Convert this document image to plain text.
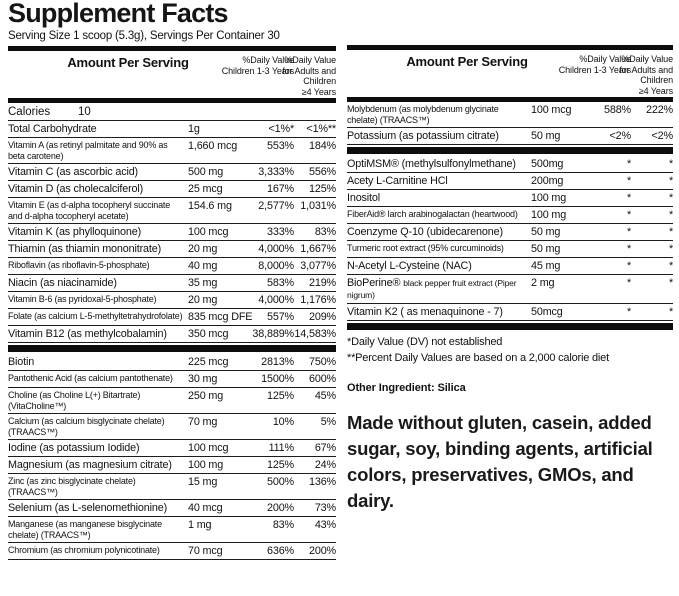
Supplement Facts
Serving Size 1 scoop (5.3g), Servings Per Container 30
Amount Per Serving	%Daily Value
Children 1-3 Years
%Daily Value
for Adults and
Children
≥4 Years
Calories	10
Total Carbohydrate	1g	<1%*	<1%**
Vitamin A (as retinyl palmitate and 90% as beta carotene)
1,660 mcg	553%	184%
Vitamin C (as ascorbic acid)	500 mg	3,333%	556%
Vitamin D (as cholecalciferol)	25 mcg	167%	125%
Vitamin E (as d-alpha tocopheryl succinate and d-alpha tocopheryl acetate)
154.6 mg	2,577% 1,031%
Vitamin K (as phylloquinone)	100 mcg	333%	83%
Thiamin (as thiamin mononitrate)	20 mg	4,000% 1,667%
Riboflavin (as riboflavin-5-phosphate)	40 mg	8,000% 3,077%
Niacin (as niacinamide)	35 mg	583%	219%
Vitamin B-6 (as pyridoxal-5-phosphate)	20 mg	4,000% 1,176%
Folate (as calcium L-5-methyltetrahydrofolate) 835 mcg DFE	557%	209%
Vitamin B12 (as methylcobalamin)	350 mcg	38,889% 14,583%
Biotin	225 mcg	2813%	750%
Pantothenic Acid (as calcium pantothenate)	30 mg	1500%	600%
Choline (as Choline L(+) Bitartrate) (VitaCholine™)
250 mg	125%	45%
Calcium (as calcium bisglycinate chelate) (TRAACS™)
70 mg	10%	5%
Iodine (as potassium Iodide)	100 mcg	111%	67%
Magnesium (as magnesium citrate)	100 mg	125%	24%
Zinc (as zinc bisglycinate chelate) (TRAACS™)
15 mg	500%	136%
Selenium (as L-selenomethionine)	40 mcg	200%	73%
Manganese (as manganese bisglycinate chelate) (TRAACS™)
1 mg	83%	43%
Chromium (as chromium polynicotinate)	70 mcg	636%	200%
Amount Per Serving	%Daily Value
Children 1-3 Years
%Daily Value
for Adults and
Children
≥4 Years
Molybdenum (as molybdenum glycinate chelate) (TRAACS™)
100 mcg	588%	222%
Potassium (as potassium citrate)	50 mg	<2%	<2%
OptiMSM® (methylsulfonylmethane)	500mg	*	*
Acety L-Carnitine HCl	200mg	*	*
Inositol	100 mg	*	*
FiberAid® larch arabinogalactan (heartwood)	100 mg	*	*
Coenzyme Q-10 (ubidecarenone)	50 mg	*	*
Turmeric root extract (95% curcuminoids)	50 mg	*	*
N-Acetyl L-Cysteine (NAC)	45 mg	*	*
BioPerine® black pepper fruit extract (Piper nigrum)
2 mg	*	*
Vitamin K2 ( as menaquinone - 7)	50mcg	*	*
*Daily Value (DV) not established
**Percent Daily Values are based on a 2,000 calorie diet
Other Ingredient: Silica
Made without gluten, casein, added sugar, soy, binding agents, artificial colors, preservatives, GMOs, and dairy.
